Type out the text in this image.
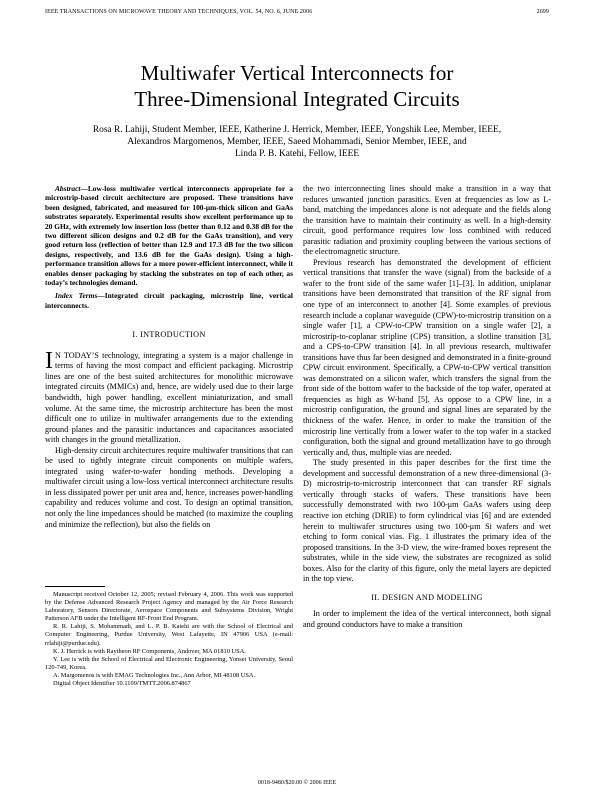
IEEE TRANSACTIONS ON MICROWAVE THEORY AND TECHNIQUES, VOL. 54, NO. 6, JUNE 2006	2699
Multiwafer Vertical Interconnects for
Three-Dimensional Integrated Circuits
Rosa R. Lahiji, Student Member, IEEE, Katherine J. Herrick, Member, IEEE, Yongshik Lee, Member, IEEE,
Alexandros Margomenos, Member, IEEE, Saeed Mohammadi, Senior Member, IEEE, and
Linda P. B. Katehi, Fellow, IEEE

Abstract—Low-loss multiwafer vertical interconnects appropriate for a microstrip-based circuit architecture are proposed. These transitions have been designed, fabricated, and measured for 100-μm-thick silicon and GaAs substrates separately. Experimental results show excellent performance up to 20 GHz, with extremely low insertion loss (better than 0.12 and 0.38 dB for the two different silicon designs and 0.2 dB for the GaAs transition), and very good return loss (reflection of better than 12.9 and 17.3 dB for the two silicon designs, respectively, and 13.6 dB for the GaAs design). Using a high-performance transition allows for a more power-efficient interconnect, while it enables denser packaging by stacking the substrates on top of each other, as today’s technologies demand.

Index Terms—Integrated circuit packaging, microstrip line, vertical interconnects.

I. INTRODUCTION

I N TODAY’S technology, integrating a system is a major challenge in terms of having the most compact and efficient packaging. Microstrip lines are one of the best suited architectures for monolithic microwave integrated circuits (MMICs) and, hence, are widely used due to their large bandwidth, high power handling, excellent miniaturization, and small volume. At the same time, the microstrip architecture has been the most difficult one to utilize in multiwafer arrangements due to the extending ground planes and the parasitic inductances and capacitances associated with changes in the ground metallization.

High-density circuit architectures require multiwafer transitions that can be used to tightly integrate circuit components on multiple wafers, integrated using wafer-to-wafer bonding methods. Developing a multiwafer circuit using a low-loss vertical interconnect architecture results in less dissipated power per unit area and, hence, increases power-handling capability and reduces volume and cost. To design an optimal transition, not only the line impedances should be matched (to maximize the coupling and minimize the reflection), but also the fields on

Manuscript received October 12, 2005; revised February 4, 2006. This work was supported by the Defense Advanced Research Project Agency and managed by the Air Force Research Laboratory, Sensors Directorate, Aerospace Components and Subsystems Division, Wright Patterson AFB under the Intelligent RF-Front End Program.

R. R. Lahiji, S. Mohammadi, and L. P. B. Katehi are with the School of Electrical and Computer Engineering, Purdue University, West Lafayette, IN 47906 USA (e-mail: rrlahiji@purdue.edu).

K. J. Herrick is with Raytheon RF Components, Andover, MA 01810 USA.

Y. Lee is with the School of Electrical and Electronic Engineering, Yonsei University, Seoul 120-749, Korea.

A. Margomenos is with EMAG Technologies Inc., Ann Arbor, MI 48108 USA.

Digital Object Identifier 10.1109/TMTT.2006.874867

the two interconnecting lines should make a transition in a way that reduces unwanted junction parasitics. Even at frequencies as low as L-band, matching the impedances alone is not adequate and the fields along the transition have to maintain their continuity as well. In a high-density circuit, good performance requires low loss combined with reduced parasitic radiation and proximity coupling between the various sections of the electromagnetic structure.

Previous research has demonstrated the development of efficient vertical transitions that transfer the wave (signal) from the backside of a wafer to the front side of the same wafer [1]–[3]. In addition, uniplanar transitions have been demonstrated that transition of the RF signal from one type of an interconnect to another [4]. Some examples of previous research include a coplanar waveguide (CPW)-to-microstrip transition on a single wafer [1], a CPW-to-CPW transition on a single wafer [2], a microstrip-to-coplanar stripline (CPS) transition, a slotline transition [3], and a CPS-to-CPW transition [4]. In all previous research, multiwafer transitions have thus far been designed and demonstrated in a finite-ground CPW circuit environment. Specifically, a CPW-to-CPW vertical transition was demonstrated on a silicon wafer, which transfers the signal from the front side of the bottom wafer to the backside of the top wafer, operated at frequencies as high as W-band [5]. As oppose to a CPW line, in a microstrip configuration, the ground and signal lines are separated by the thickness of the wafer. Hence, in order to make the transition of the microstrip line vertically from a lower wafer to the top wafer in a stacked configuration, both the signal and ground metallization have to go through vertically and, thus, multiple vias are needed.

The study presented in this paper describes for the first time the development and successful demonstration of a new three-dimensional (3-D) microstrip-to-microstrip interconnect that can transfer RF signals vertically through stacks of wafers. These transitions have been successfully demonstrated with two 100-μm GaAs wafers using deep reactive ion etching (DRIE) to form cylindrical vias [6] and are extended herein to multiwafer structures using two 100-μm Si wafers and wet etching to form conical vias. Fig. 1 illustrates the primary idea of the proposed transitions. In the 3-D view, the wire-framed boxes represent the substrates, while in the side view, the substrates are recognized as solid boxes. Also for the clarity of this figure, only the metal layers are depicted in the top view.

II. DESIGN AND MODELING

In order to implement the idea of the vertical interconnect, both signal and ground conductors have to make a transition

0018-9480/$20.00 © 2006 IEEE
